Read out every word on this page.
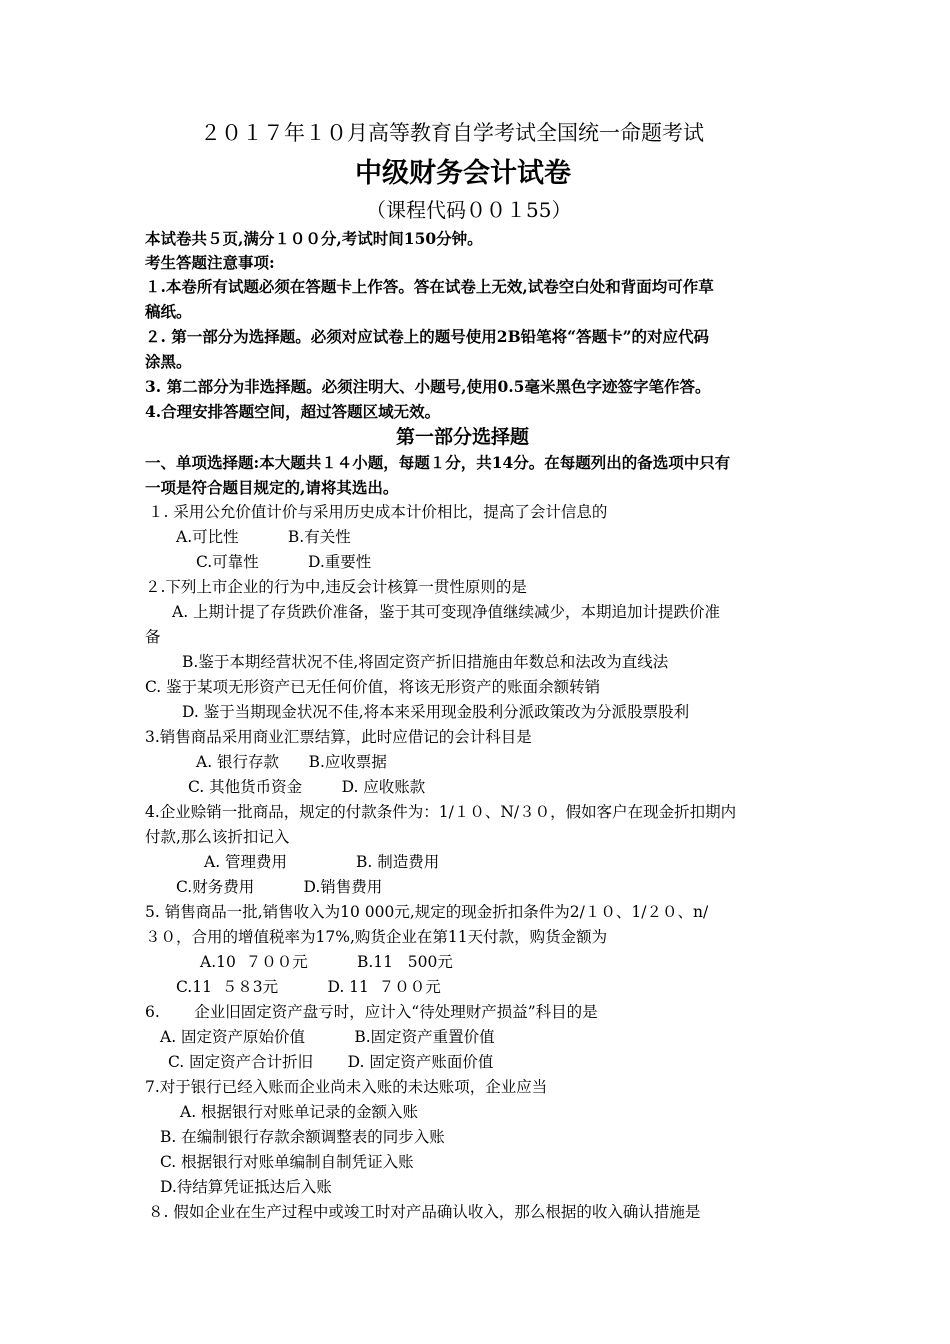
２０１７年１０月高等教育自学考试全国统一命题考试
中级财务会计试卷
（课程代码００１55）
本试卷共５页,满分１００分,考试时间150分钟。
考生答题注意事项:
１.本卷所有试题必须在答题卡上作答。答在试卷上无效,试卷空白处和背面均可作草
稿纸。
２. 第一部分为选择题。必须对应试卷上的题号使用2B铅笔将“答题卡”的对应代码
涂黑。
3. 第二部分为非选择题。必须注明大、小题号,使用0.5毫米黑色字迹签字笔作答。
4.合理安排答题空间，超过答题区域无效。
第一部分选择题
一、单项选择题:本大题共１４小题，每题１分，共14分。在每题列出的备选项中只有
一项是符合题目规定的,请将其选出。
１. 采用公允价值计价与采用历史成本计价相比，提高了会计信息的
A.可比性          B.有关性
C.可靠性          D.重要性
２.下列上市企业的行为中,违反会计核算一贯性原则的是
A. 上期计提了存货跌价准备，鉴于其可变现净值继续减少，本期追加计提跌价准
备
B.鉴于本期经营状况不佳,将固定资产折旧措施由年数总和法改为直线法
C. 鉴于某项无形资产已无任何价值，将该无形资产的账面余额转销
D. 鉴于当期现金状况不佳,将本来采用现金股利分派政策改为分派股票股利
3.销售商品采用商业汇票结算，此时应借记的会计科目是
A. 银行存款      B.应收票据
C. 其他货币资金        D. 应收账款
4.企业赊销一批商品，规定的付款条件为：1/１０、N/３０，假如客户在现金折扣期内
付款,那么该折扣记入
A. 管理费用              B. 制造费用
C.财务费用          D.销售费用
5. 销售商品一批,销售收入为10 000元,规定的现金折扣条件为2/１０、1/２０、n/
３０，合用的增值税率为17%,购货企业在第11天付款，购货金额为
A.10  ７００元          B.11   500元
C.11  ５８3元          D. 11  ７００元
6.       企业旧固定资产盘亏时，应计入“待处理财产损益”科目的是
A. 固定资产原始价值          B.固定资产重置价值
C. 固定资产合计折旧       D. 固定资产账面价值
7.对于银行已经入账而企业尚未入账的未达账项，企业应当
A. 根据银行对账单记录的金额入账
B. 在编制银行存款余额调整表的同步入账
C. 根据银行对账单编制自制凭证入账
D.待结算凭证抵达后入账
８. 假如企业在生产过程中或竣工时对产品确认收入，那么根据的收入确认措施是
